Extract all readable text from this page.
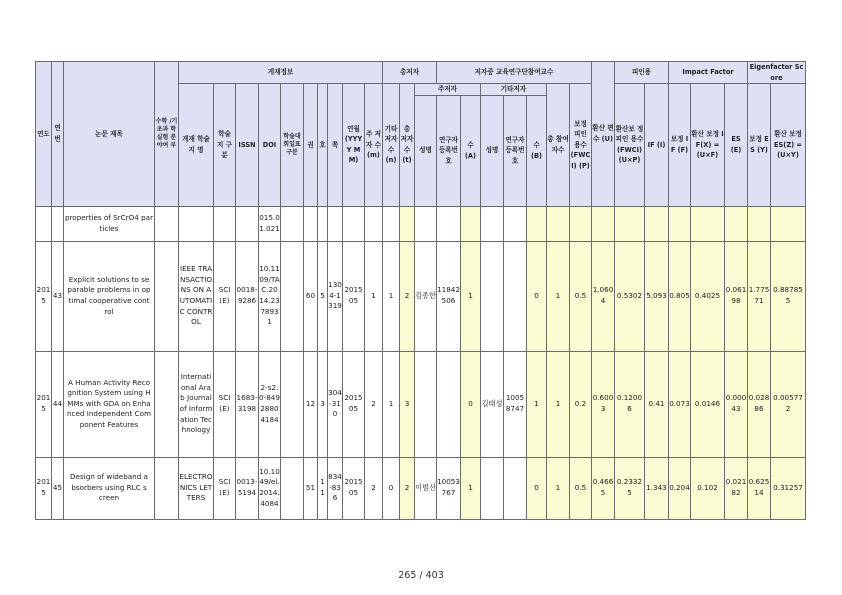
연도	연번	논문 제목	수학 /기초과 학실험 분야여 부	게재정보										총저자			저자중 교육연구단참여교수							환산 편수 (U)	피인용		Impact Factor			Eigenfactor Score	
				게재 학술지 명	학술 지 구 분	ISSN	DOI	학술대 회일표 구분	권	호	쪽	연월 (YYYY MM)	주 저자 수 (m)	기타 저자 수 (n)	총 저자 수 (t)	주저자			기타저자			총 참여 자수	보정 피인 용수 (FWC I) (P)		환산보 정피인 용수 (FWCI) (U×P)	IF (I)	보정 IF (F)	환산 보정 IF(X) = (U×F)	ES (E)	보정 ES (Y)	환산 보정 ES(Z) =(U×Y)
																성명	연구자 등록번 호	수 (A)	성명	연구자 등록번 호	수 (B)										
		properties of SrCrO4 particles					015.01.021																								
2015	43	Explicit solutions to separable problems in optimal cooperative control		IEEE TRANSACTIONS ON AUTOMATIC CONTROL	SCI(E)	0018-9286	10.1109/TAC.2014.2378931		60	5	1304-1319	201505	1	1	2	김종한	11842506	1			0	1	0.5	1.0604	0.5302	5.093	0.805	0.4025	0.06198	1.77571	0.887855
2015	44	A Human Activity Recognition System using HMMs with GDA on Enhanced Independent Component Features		International Arab Journal of Information Technology	SCI(E)	1683-3198	2-s2.0-84928804184		12	3	304-310	201505	2	1	3			0	김태성	10058747	1	1	0.2	0.6003	0.12006	0.41	0.073	0.0146	0.00043	0.02886	0.005772
2015	45	Design of wideband absorbers using RLC screen		ELECTRONICS LETTERS	SCI(E)	0013-5194	10.1049/el.2014.4084		51	11	834-836	201505	2	0	2	이범선	10053767	1			0	1	0.5	0.4665	0.23325	1.343	0.204	0.102	0.02182	0.62514	0.31257
265 / 403
